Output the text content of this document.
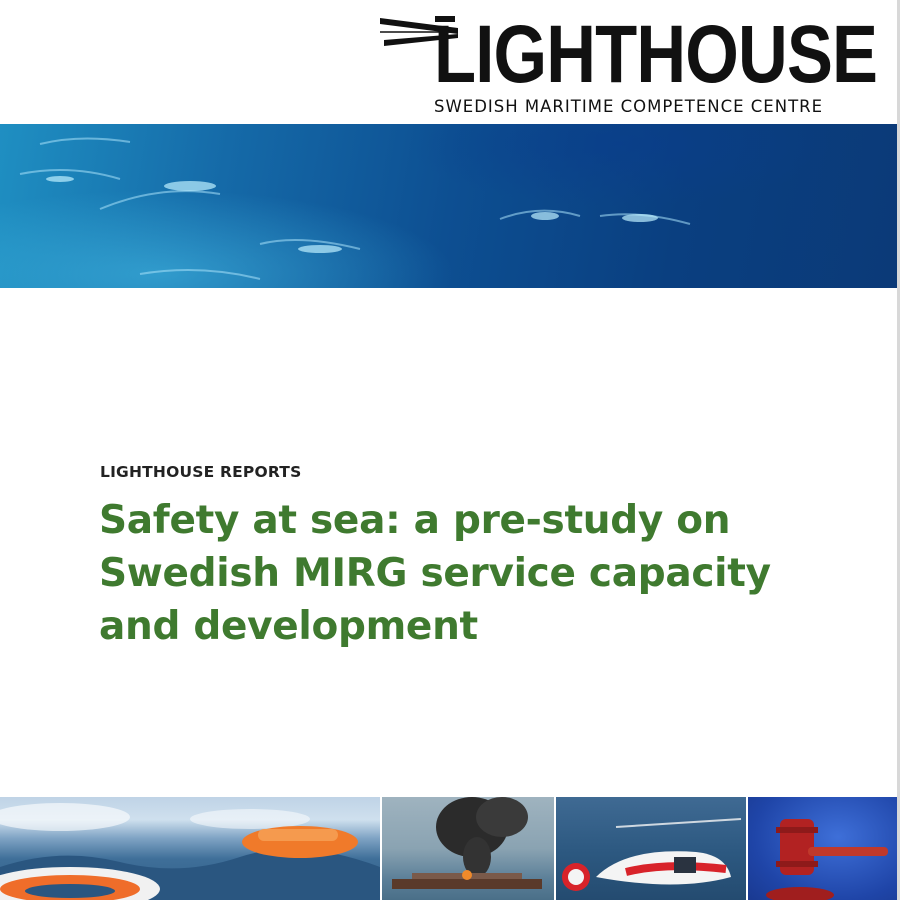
LIGHTHOUSE
SWEDISH MARITIME COMPETENCE CENTRE
LIGHTHOUSE REPORTS
Safety at sea: a pre-study on Swedish MIRG service capacity and development
